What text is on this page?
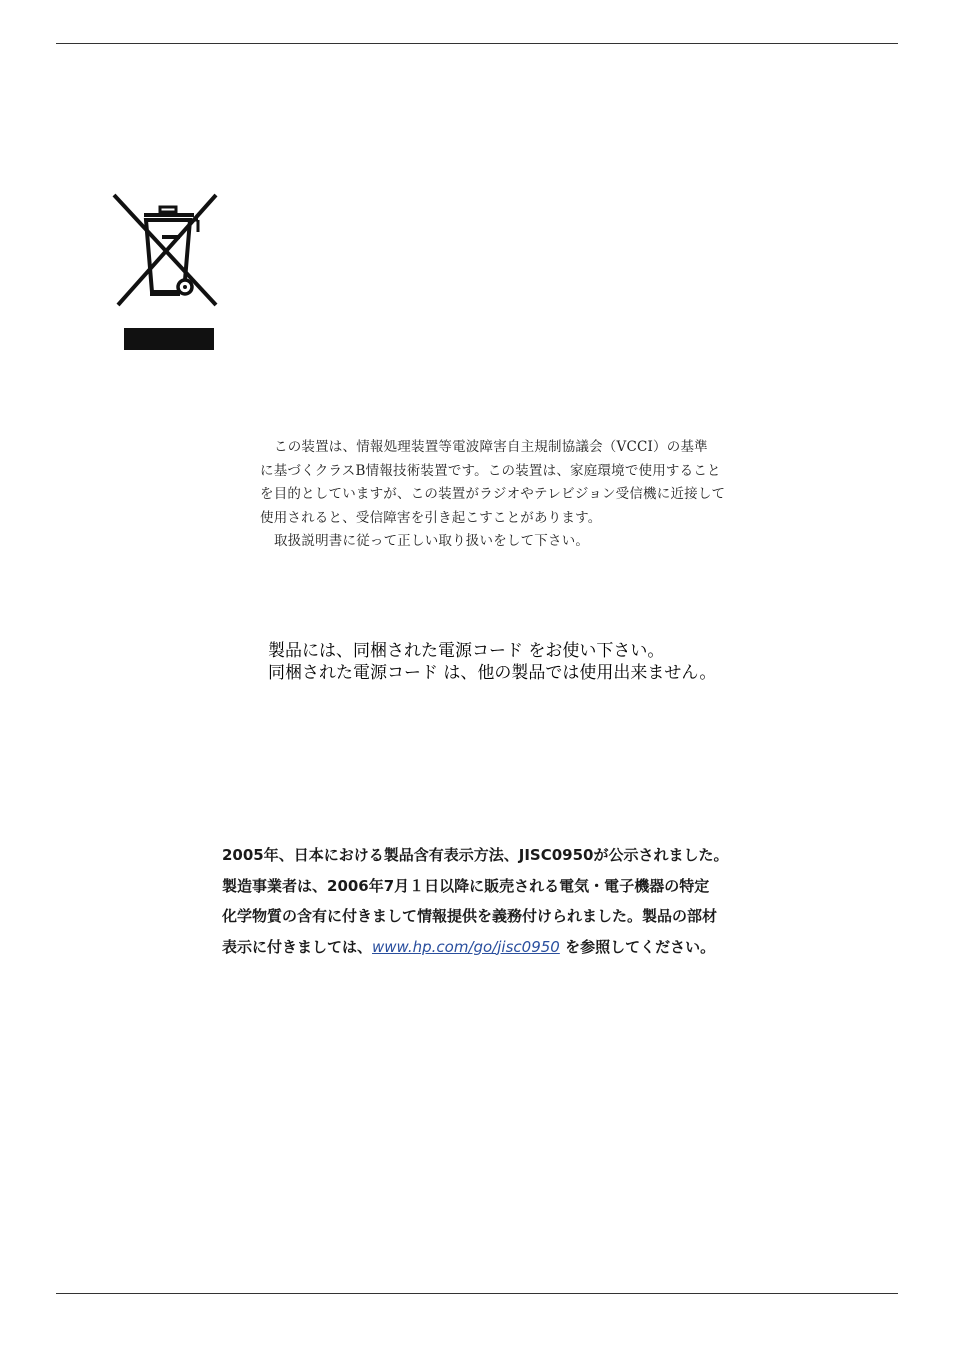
この装置は、情報処理装置等電波障害自主規制協議会（VCCI）の基準

に基づくクラスB情報技術装置です。この装置は、家庭環境で使用すること

を目的としていますが、この装置がラジオやテレビジョン受信機に近接して

使用されると、受信障害を引き起こすことがあります。

取扱説明書に従って正しい取り扱いをして下さい。

製品には、同梱された電源コード をお使い下さい。

同梱された電源コード は、他の製品では使用出来ません。

2005年、日本における製品含有表示方法、JISC0950が公示されました。

製造事業者は、2006年7月１日以降に販売される電気・電子機器の特定

化学物質の含有に付きまして情報提供を義務付けられました。製品の部材

表示に付きましては、www.hp.com/go/jisc0950 を参照してください。
